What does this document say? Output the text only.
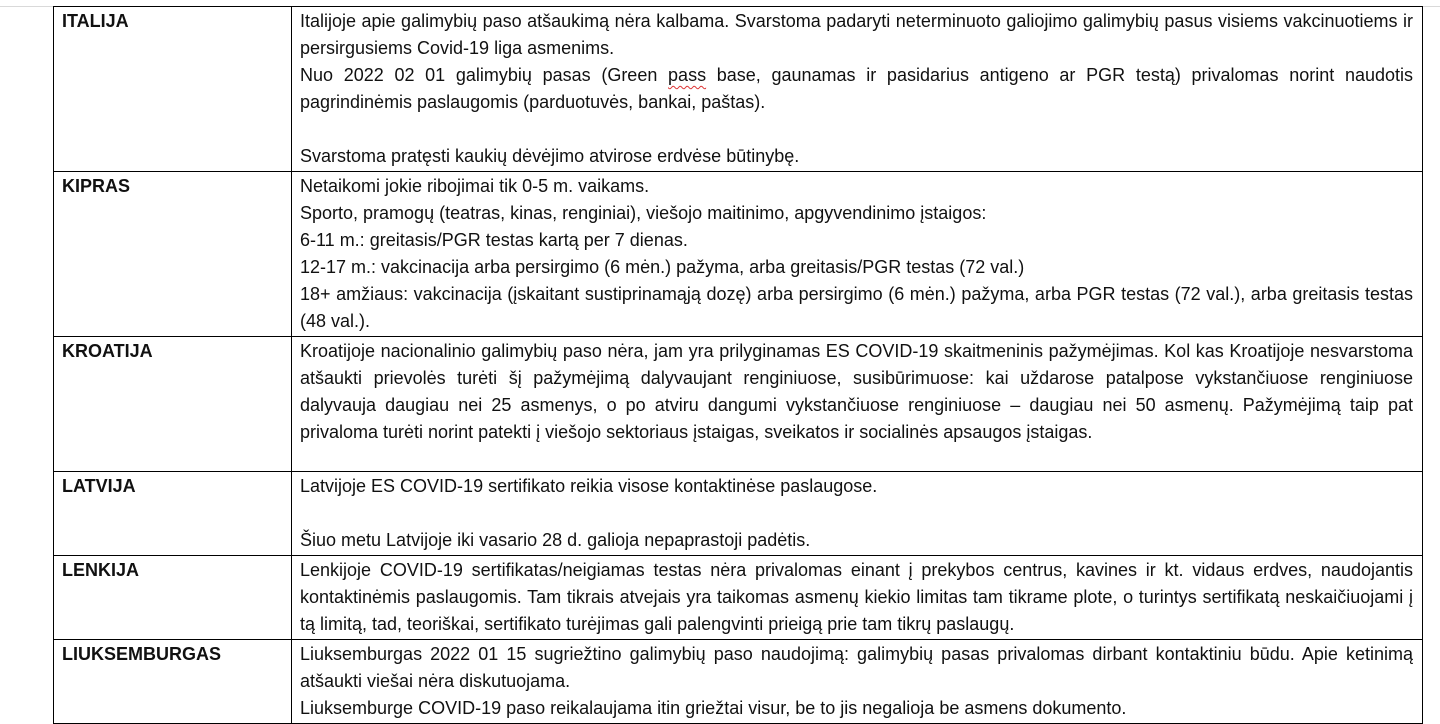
ITALIJA	Italijoje apie galimybių paso atšaukimą nėra kalbama. Svarstoma padaryti neterminuoto galiojimo galimybių pasus visiems vakcinuotiems ir persirgusiems Covid-19 liga asmenims.
Nuo 2022 02 01 galimybių pasas (Green pass base, gaunamas ir pasidarius antigeno ar PGR testą) privalomas norint naudotis pagrindinėmis paslaugomis (parduotuvės, bankai, paštas).
Svarstoma pratęsti kaukių dėvėjimo atvirose erdvėse būtinybę.

KIPRAS	Netaikomi jokie ribojimai tik 0-5 m. vaikams.
Sporto, pramogų (teatras, kinas, renginiai), viešojo maitinimo, apgyvendinimo įstaigos:
6-11 m.: greitasis/PGR testas kartą per 7 dienas.
12-17 m.: vakcinacija arba persirgimo (6 mėn.) pažyma, arba greitasis/PGR testas (72 val.)
18+ amžiaus: vakcinacija (įskaitant sustiprinamąją dozę) arba persirgimo (6 mėn.) pažyma, arba PGR testas (72 val.), arba greitasis testas (48 val.).

KROATIJA	Kroatijoje nacionalinio galimybių paso nėra, jam yra prilyginamas ES COVID-19 skaitmeninis pažymėjimas. Kol kas Kroatijoje nesvarstoma atšaukti prievolės turėti šį pažymėjimą dalyvaujant renginiuose, susibūrimuose: kai uždarose patalpose vykstančiuose renginiuose dalyvauja daugiau nei 25 asmenys, o po atviru dangumi vykstančiuose renginiuose – daugiau nei 50 asmenų. Pažymėjimą taip pat privaloma turėti norint patekti į viešojo sektoriaus įstaigas, sveikatos ir socialinės apsaugos įstaigas.

LATVIJA	Latvijoje ES COVID-19 sertifikato reikia visose kontaktinėse paslaugose.
Šiuo metu Latvijoje iki vasario 28 d. galioja nepaprastoji padėtis.

LENKIJA	Lenkijoje COVID-19 sertifikatas/neigiamas testas nėra privalomas einant į prekybos centrus, kavines ir kt. vidaus erdves, naudojantis kontaktinėmis paslaugomis. Tam tikrais atvejais yra taikomas asmenų kiekio limitas tam tikrame plote, o turintys sertifikatą neskaičiuojami į tą limitą, tad, teoriškai, sertifikato turėjimas gali palengvinti prieigą prie tam tikrų paslaugų.

LIUKSEMBURGAS	Liuksemburgas 2022 01 15 sugriežtino galimybių paso naudojimą: galimybių pasas privalomas dirbant kontaktiniu būdu. Apie ketinimą atšaukti viešai nėra diskutuojama.
Liuksemburge COVID-19 paso reikalaujama itin griežtai visur, be to jis negalioja be asmens dokumento.
